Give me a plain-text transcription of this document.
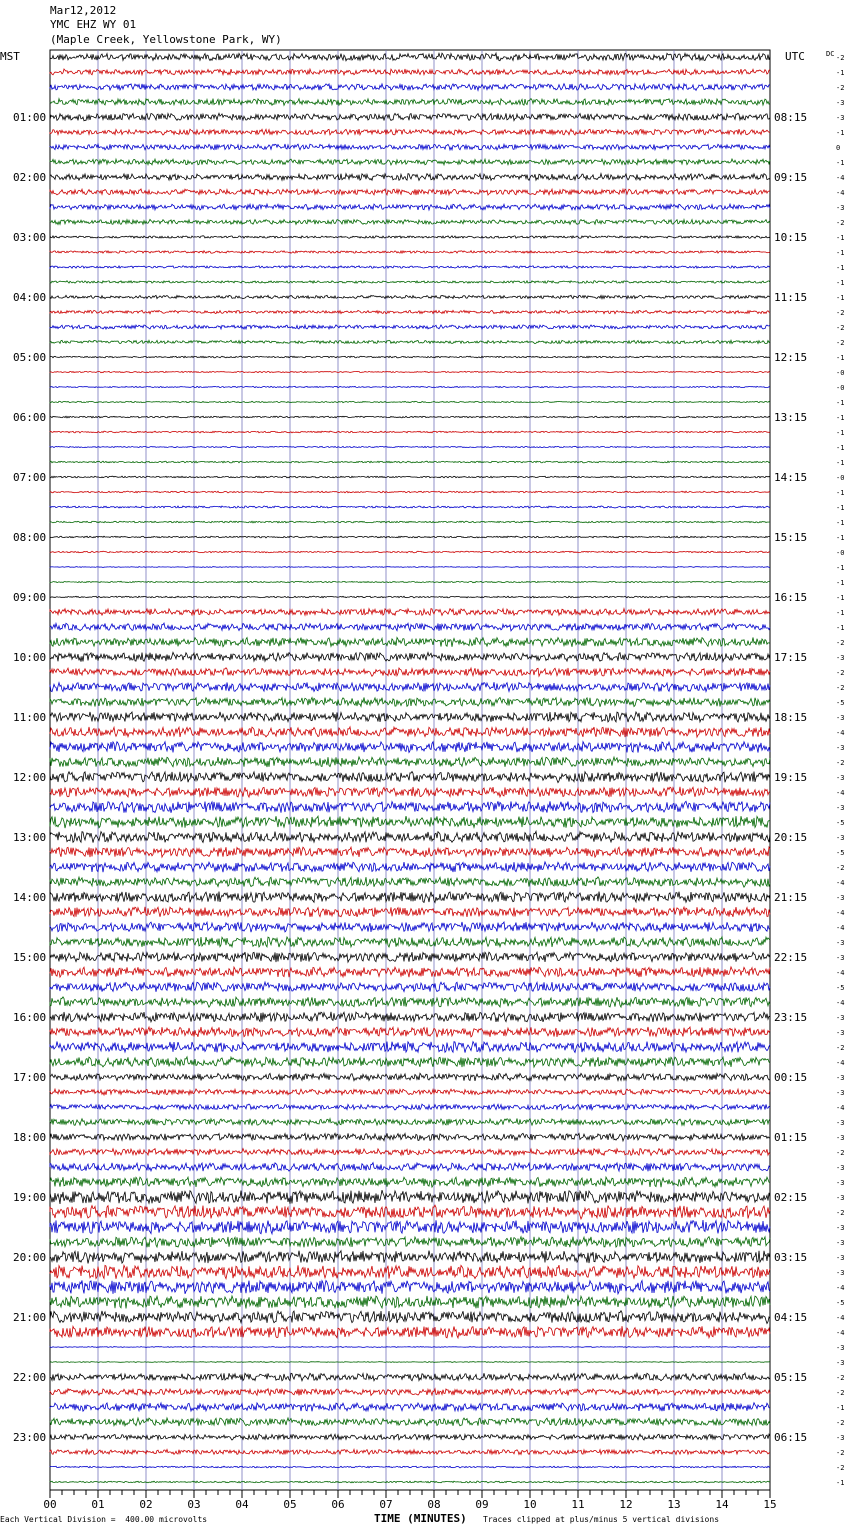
Mar12,2012
YMC EHZ WY 01
(Maple Creek, Yellowstone Park, WY)
MST	UTC	DC -2
-1
-2
-3
-3
-1
0
-1
-4
-4
-3
-2
-1
-1
-1
-1
-1
-2
-2
-2
-1
-0
-0
-1
-1
-1
-1
-1
-0
-1
-1
-1
-1
-0
-1
-1
-1
-1
-1
-2
-3
-2
-2
-5
-3
-4
-3
-2
-3
-4
-3
-5
-3
-5
-2
-4
-3
-4
-4
-3
-3
-4
-5
-4
-3
-3
-2
-4
-3
-3
-4
-3
-3
-2
-3
-3
-3
-2
-3
-3
-3
-3
-4
-5
-4
-4
-3
-3
-2
-2
-1
-2
-3
-2
-2
-1
01:00
02:00
03:00
04:00
05:00
06:00
07:00
08:00
09:00
10:00
11:00
12:00
13:00
14:00
15:00
16:00
17:00
18:00
19:00
20:00
21:00
22:00
23:00
08:15
09:15
10:15
11:15
12:15
13:15
14:15
15:15
16:15
17:15
18:15
19:15
20:15
21:15
22:15
23:15
00:15
01:15
02:15
03:15
04:15
05:15
06:15
00	01	02	03	04	05	06	07	08	09	10	11	12	13	14	15
Each Vertical Division =  400.00 microvolts	TIME (MINUTES) Traces clipped at plus/minus 5 vertical divisions
